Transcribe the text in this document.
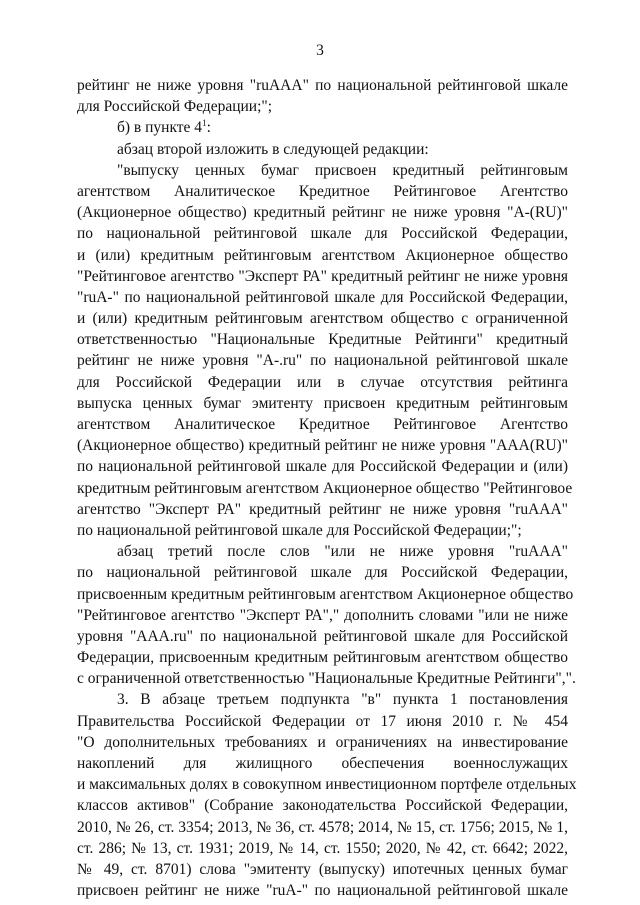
3
рейтинг не ниже уровня "ruAAA" по национальной рейтинговой шкале
для Российской Федерации;";
б) в пункте $4^1$:
абзац второй изложить в следующей редакции:
"выпуску ценных бумаг присвоен кредитный рейтинговым
агентством Аналитическое Кредитное Рейтинговое Агентство
(Акционерное общество) кредитный рейтинг не ниже уровня "A-(RU)"
по национальной рейтинговой шкале для Российской Федерации,
и (или) кредитным рейтинговым агентством Акционерное общество
"Рейтинговое агентство "Эксперт РА" кредитный рейтинг не ниже уровня
"ruA-" по национальной рейтинговой шкале для Российской Федерации,
и (или) кредитным рейтинговым агентством общество с ограниченной
ответственностью "Национальные Кредитные Рейтинги" кредитный
рейтинг не ниже уровня "A-.ru" по национальной рейтинговой шкале
для Российской Федерации или в случае отсутствия рейтинга
выпуска ценных бумаг эмитенту присвоен кредитным рейтинговым
агентством Аналитическое Кредитное Рейтинговое Агентство
(Акционерное общество) кредитный рейтинг не ниже уровня "AAA(RU)"
по национальной рейтинговой шкале для Российской Федерации и (или)
кредитным рейтинговым агентством Акционерное общество "Рейтинговое
агентство "Эксперт РА" кредитный рейтинг не ниже уровня "ruAAA"
по национальной рейтинговой шкале для Российской Федерации;";
абзац третий после слов "или не ниже уровня "ruAAA"
по национальной рейтинговой шкале для Российской Федерации,
присвоенным кредитным рейтинговым агентством Акционерное общество
"Рейтинговое агентство "Эксперт РА"," дополнить словами "или не ниже
уровня "AAA.ru" по национальной рейтинговой шкале для Российской
Федерации, присвоенным кредитным рейтинговым агентством общество
с ограниченной ответственностью "Национальные Кредитные Рейтинги",".
3. В абзаце третьем подпункта "в" пункта 1 постановления
Правительства Российской Федерации от 17 июня 2010 г. № 454
"О дополнительных требованиях и ограничениях на инвестирование
накоплений для жилищного обеспечения военнослужащих
и максимальных долях в совокупном инвестиционном портфеле отдельных
классов активов" (Собрание законодательства Российской Федерации,
2010, № 26, ст. 3354; 2013, № 36, ст. 4578; 2014, № 15, ст. 1756; 2015, № 1,
ст. 286; № 13, ст. 1931; 2019, № 14, ст. 1550; 2020, № 42, ст. 6642; 2022,
№ 49, ст. 8701) слова "эмитенту (выпуску) ипотечных ценных бумаг
присвоен рейтинг не ниже "ruA-" по национальной рейтинговой шкале
